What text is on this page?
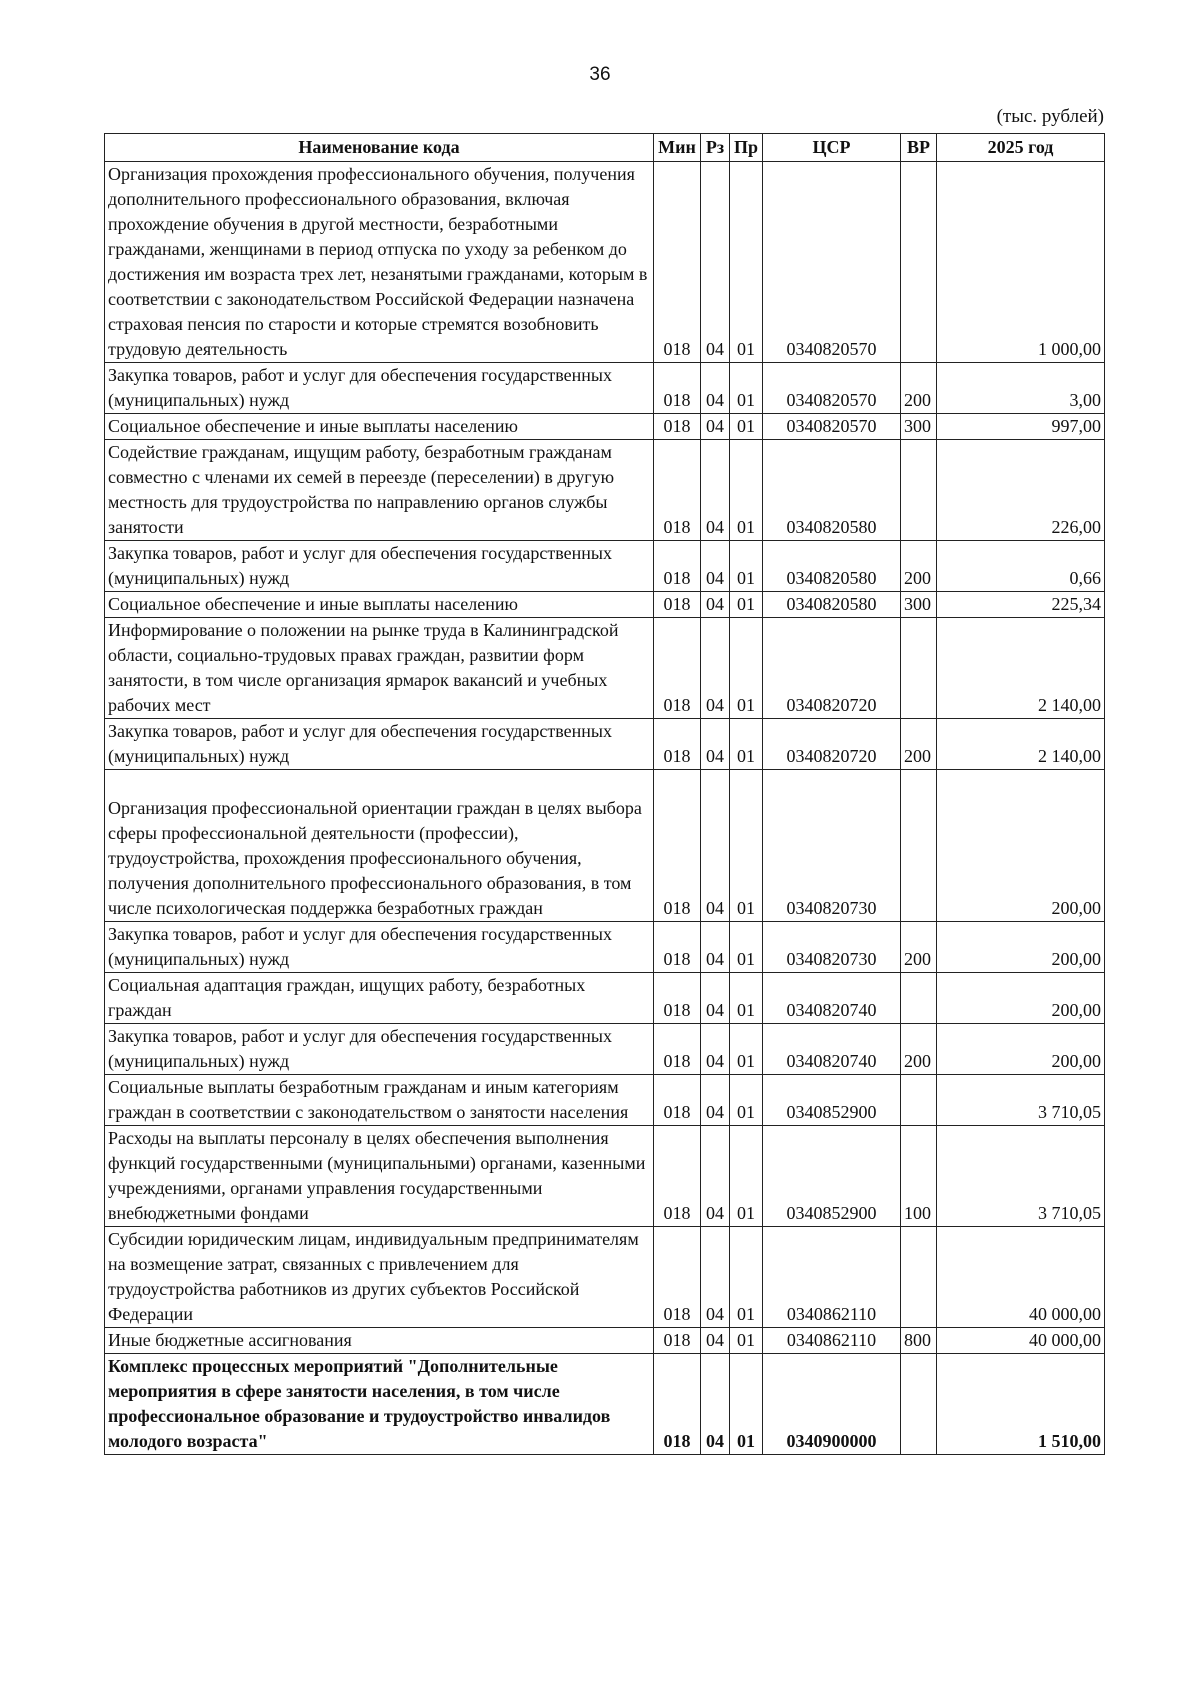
36
(тыс. рублей)
Наименование кода	Мин	Рз	Пр	ЦСР	ВР	2025 год
Организация прохождения профессионального обучения, получения дополнительного профессионального образования, включая прохождение обучения в другой местности, безработными гражданами, женщинами в период отпуска по уходу за ребенком до достижения им возраста трех лет, незанятыми гражданами, которым в соответствии с законодательством Российской Федерации назначена страховая пенсия по старости и которые стремятся возобновить трудовую деятельность	018	04	01	0340820570		1 000,00
Закупка товаров, работ и услуг для обеспечения государственных (муниципальных) нужд	018	04	01	0340820570	200	3,00
Социальное обеспечение и иные выплаты населению	018	04	01	0340820570	300	997,00
Содействие гражданам, ищущим работу, безработным гражданам совместно с членами их семей в переезде (переселении) в другую местность для трудоустройства по направлению органов службы занятости	018	04	01	0340820580		226,00
Закупка товаров, работ и услуг для обеспечения государственных (муниципальных) нужд	018	04	01	0340820580	200	0,66
Социальное обеспечение и иные выплаты населению	018	04	01	0340820580	300	225,34
Информирование о положении на рынке труда в Калининградской области, социально-трудовых правах граждан, развитии форм занятости, в том числе организация ярмарок вакансий и учебных рабочих мест	018	04	01	0340820720		2 140,00
Закупка товаров, работ и услуг для обеспечения государственных (муниципальных) нужд	018	04	01	0340820720	200	2 140,00
Организация профессиональной ориентации граждан в целях выбора сферы профессиональной деятельности (профессии), трудоустройства, прохождения профессионального обучения, получения дополнительного профессионального образования, в том числе психологическая поддержка безработных граждан	018	04	01	0340820730		200,00
Закупка товаров, работ и услуг для обеспечения государственных (муниципальных) нужд	018	04	01	0340820730	200	200,00
Социальная адаптация граждан, ищущих работу, безработных граждан	018	04	01	0340820740		200,00
Закупка товаров, работ и услуг для обеспечения государственных (муниципальных) нужд	018	04	01	0340820740	200	200,00
Социальные выплаты безработным гражданам и иным категориям граждан в соответствии с законодательством о занятости населения	018	04	01	0340852900		3 710,05
Расходы на выплаты персоналу в целях обеспечения выполнения функций государственными (муниципальными) органами, казенными учреждениями, органами управления государственными внебюджетными фондами	018	04	01	0340852900	100	3 710,05
Субсидии юридическим лицам, индивидуальным предпринимателям на возмещение затрат, связанных с привлечением для трудоустройства работников из других субъектов Российской Федерации	018	04	01	0340862110		40 000,00
Иные бюджетные ассигнования	018	04	01	0340862110	800	40 000,00
Комплекс процессных мероприятий "Дополнительные мероприятия в сфере занятости населения, в том числе профессиональное образование и трудоустройство инвалидов молодого возраста"	018	04	01	0340900000		1 510,00
